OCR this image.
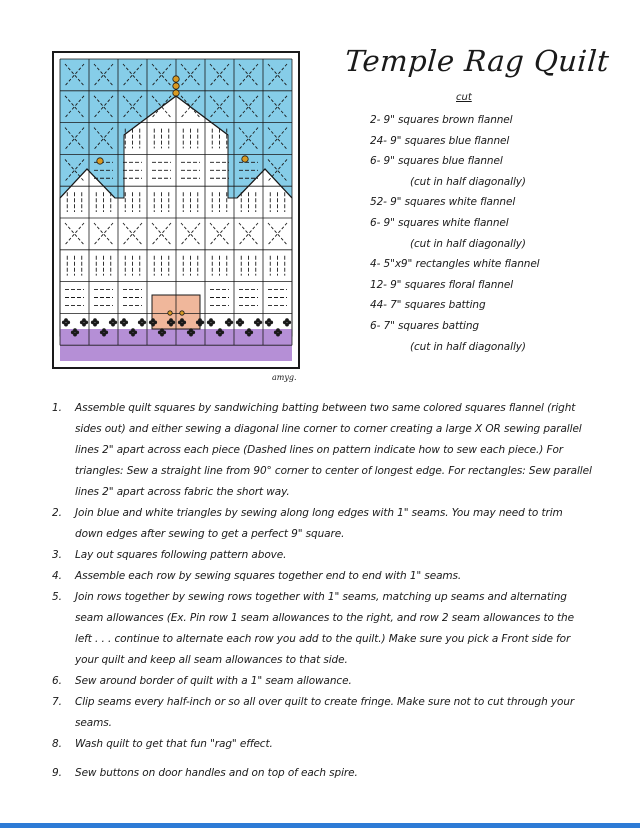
amyg.
Temple Rag Quilt
cut
2- 9" squares brown flannel
24- 9" squares blue flannel
6- 9" squares blue flannel
(cut in half diagonally)
52- 9" squares white flannel
6- 9" squares white flannel
(cut in half diagonally)
4- 5"x9" rectangles white flannel
12- 9" squares floral flannel
44- 7" squares batting
6- 7" squares batting
(cut in half diagonally)
1. Assemble quilt squares by sandwiching batting between two same colored squares flannel (right sides out) and either sewing a diagonal line corner to corner creating a large X OR sewing parallel lines 2" apart across each piece (Dashed lines on pattern indicate how to sew each piece.) For triangles: Sew a straight line from 90° corner to center of longest edge. For rectangles: Sew parallel lines 2" apart across fabric the short way.
2. Join blue and white triangles by sewing along long edges with 1" seams. You may need to trim down edges after sewing to get a perfect 9" square.
3. Lay out squares following pattern above.
4. Assemble each row by sewing squares together end to end with 1" seams.
5. Join rows together by sewing rows together with 1" seams, matching up seams and alternating seam allowances (Ex. Pin row 1 seam allowances to the right, and row 2 seam allowances to the left . . . continue to alternate each row you add to the quilt.) Make sure you pick a Front side for your quilt and keep all seam allowances to that side.
6. Sew around border of quilt with a 1" seam allowance.
7. Clip seams every half-inch or so all over quilt to create fringe. Make sure not to cut through your seams.
8. Wash quilt to get that fun "rag" effect.
9. Sew buttons on door handles and on top of each spire.
